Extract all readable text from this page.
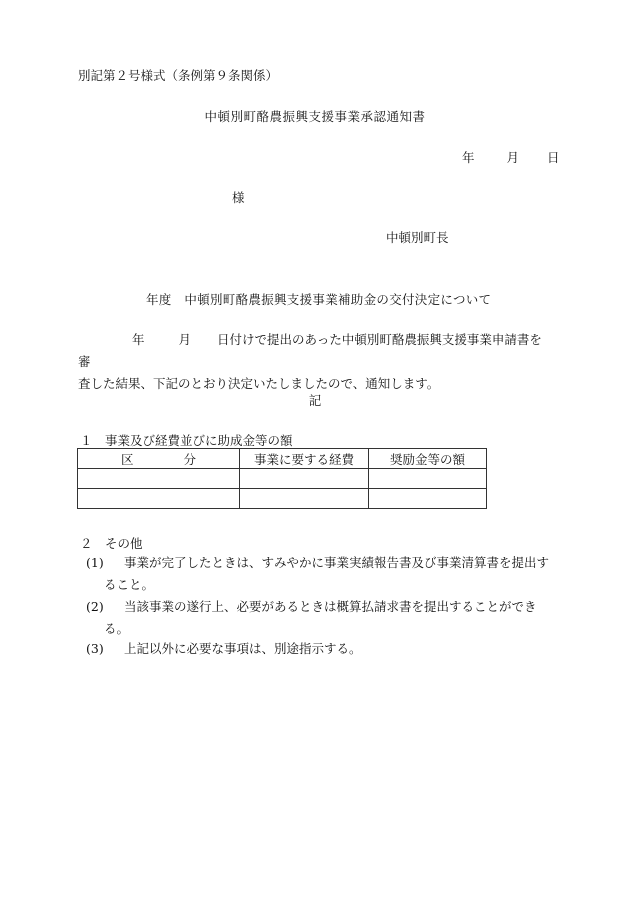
別記第２号様式（条例第９条関係）
中頓別町酪農振興支援事業承認通知書
年	月 日
様
中頓別町長
年度　中頓別町酪農振興支援事業補助金の交付決定について
年	月 日付けで提出のあった中頓別町酪農振興支援事業申請書を審
査した結果、下記のとおり決定いたしましたので、通知します。
記
１　事業及び経費並びに助成金等の額
区　　　　分	事業に要する経費	奨励金等の額

２　その他
(1) 事業が完了したときは、すみやかに事業実績報告書及び事業清算書を提出す
ること。
(2) 当該事業の遂行上、必要があるときは概算払請求書を提出することができ
る。
(3) 上記以外に必要な事項は、別途指示する。
